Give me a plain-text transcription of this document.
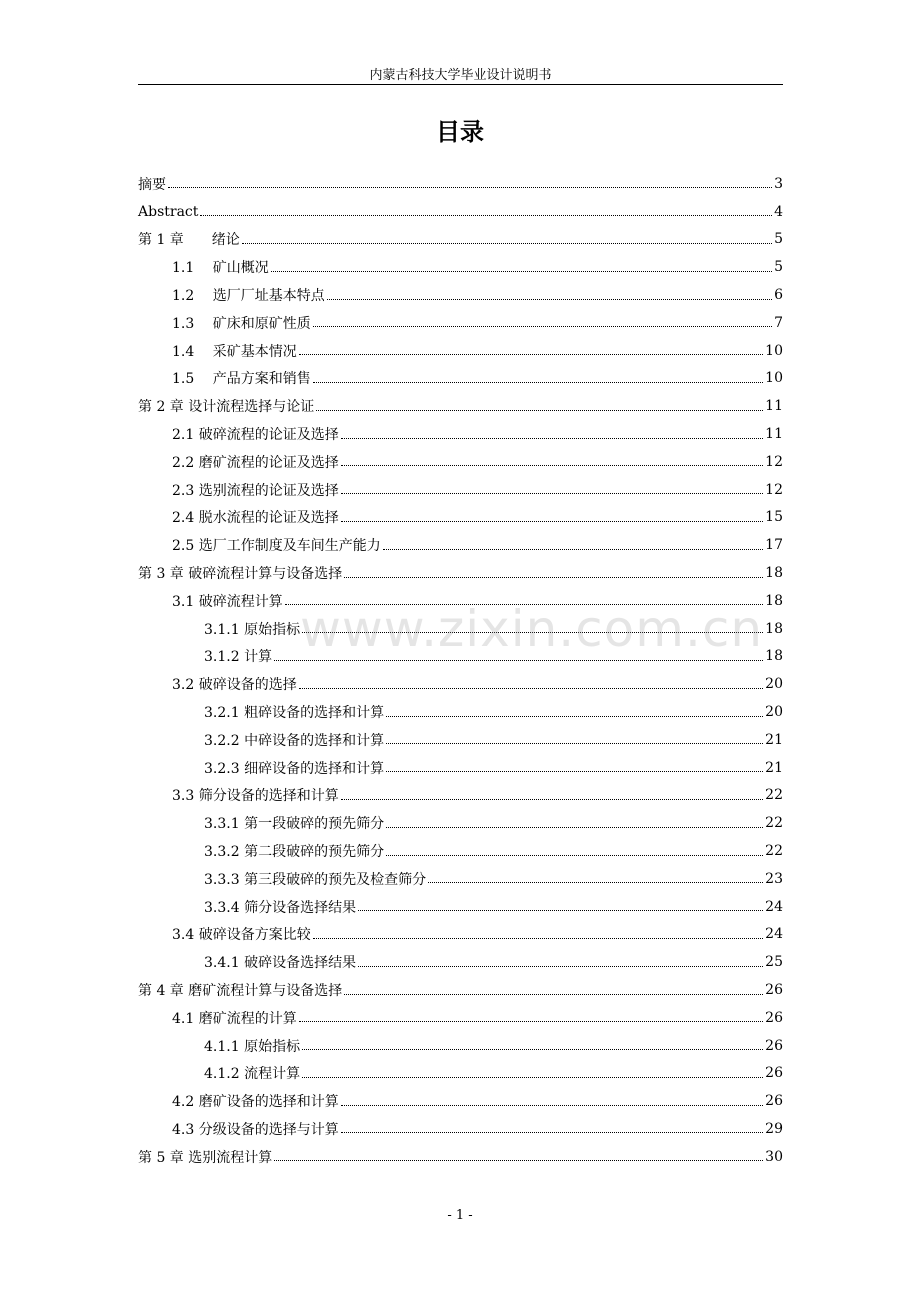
内蒙古科技大学毕业设计说明书
目录
摘要	3
Abstract	4
第 1 章　　绪论	5
1.1　 矿山概况	5
1.2　 选厂厂址基本特点	6
1.3　 矿床和原矿性质	7
1.4　 采矿基本情况	10
1.5　 产品方案和销售	10
第 2 章 设计流程选择与论证	11
2.1 破碎流程的论证及选择	11
2.2 磨矿流程的论证及选择	12
2.3 选别流程的论证及选择	12
2.4 脱水流程的论证及选择	15
2.5 选厂工作制度及车间生产能力	17
第 3 章 破碎流程计算与设备选择	18
3.1 破碎流程计算	18
3.1.1 原始指标	18
3.1.2 计算	18
3.2 破碎设备的选择	20
3.2.1 粗碎设备的选择和计算	20
3.2.2 中碎设备的选择和计算	21
3.2.3 细碎设备的选择和计算	21
3.3 筛分设备的选择和计算	22
3.3.1 第一段破碎的预先筛分	22
3.3.2 第二段破碎的预先筛分	22
3.3.3 第三段破碎的预先及检查筛分	23
3.3.4 筛分设备选择结果	24
3.4 破碎设备方案比较	24
3.4.1 破碎设备选择结果	25
第 4 章 磨矿流程计算与设备选择	26
4.1 磨矿流程的计算	26
4.1.1 原始指标	26
4.1.2 流程计算	26
4.2 磨矿设备的选择和计算	26
4.3 分级设备的选择与计算	29
第 5 章 选别流程计算	30
www.zixin.com.cn
- 1 -
